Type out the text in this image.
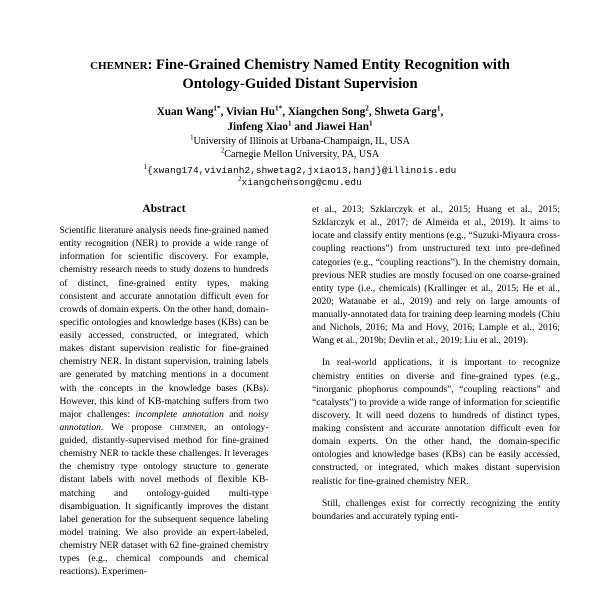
chemner: Fine-Grained Chemistry Named Entity Recognition with
Ontology-Guided Distant Supervision
Xuan Wang$^{1*}$, Vivian $Hu^{1*}$, Xiangchen Song$^2$, Shweta Garg$^1$,
Jinfeng Xiao$^1$ and Jiawei Han$^1$
$^1$University of Illinois at Urbana-Champaign, IL, USA
$^2$Carnegie Mellon University, PA, USA
$^1${xwang174,vivianh2,shwetag2,jxiao13,hanj}@illinois.edu
$^2$xiangchensong@cmu.edu
Abstract

Scientific literature analysis needs fine-grained named entity recognition (NER) to provide a wide range of information for scientific discovery. For example, chemistry research needs to study dozens to hundreds of distinct, fine-grained entity types, making consistent and accurate annotation difficult even for crowds of domain experts. On the other hand, domain-specific ontologies and knowledge bases (KBs) can be easily accessed, constructed, or integrated, which makes distant supervision realistic for fine-grained chemistry NER. In distant supervision, training labels are generated by matching mentions in a document with the concepts in the knowledge bases (KBs). However, this kind of KB-matching suffers from two major challenges: incomplete annotation and noisy annotation. We propose chemner, an ontology-guided, distantly-supervised method for fine-grained chemistry NER to tackle these challenges. It leverages the chemistry type ontology structure to generate distant labels with novel methods of flexible KB-matching and ontology-guided multi-type disambiguation. It significantly improves the distant label generation for the subsequent sequence labeling model training. We also provide an expert-labeled, chemistry NER dataset with 62 fine-grained chemistry types (e.g., chemical compounds and chemical reactions). Experimen-

et al., 2013; Szklarczyk et al., 2015; Huang et al., 2015; Szklarczyk et al., 2017; de Almeida et al., 2019). It aims to locate and classify entity mentions (e.g., “Suzuki-Miyaura cross-coupling reactions”) from unstructured text into pre-defined categories (e.g., “coupling reactions”). In the chemistry domain, previous NER studies are mostly focused on one coarse-grained entity type (i.e., chemicals) (Krallinger et al., 2015; He et al., 2020; Watanabe et al., 2019) and rely on large amounts of manually-annotated data for training deep learning models (Chiu and Nichols, 2016; Ma and Hovy, 2016; Lample et al., 2016; Wang et al., 2019b; Devlin et al., 2019; Liu et al., 2019).

In real-world applications, it is important to recognize chemistry entities on diverse and fine-grained types (e.g., “inorganic phophorus compounds”, “coupling reactions” and “catalysts”) to provide a wide range of information for scientific discovery. It will need dozens to hundreds of distinct types, making consistent and accurate annotation difficult even for domain experts. On the other hand, the domain-specific ontologies and knowledge bases (KBs) can be easily accessed, constructed, or integrated, which makes distant supervision realistic for fine-grained chemistry NER.

Still, challenges exist for correctly recognizing the entity boundaries and accurately typing enti-
